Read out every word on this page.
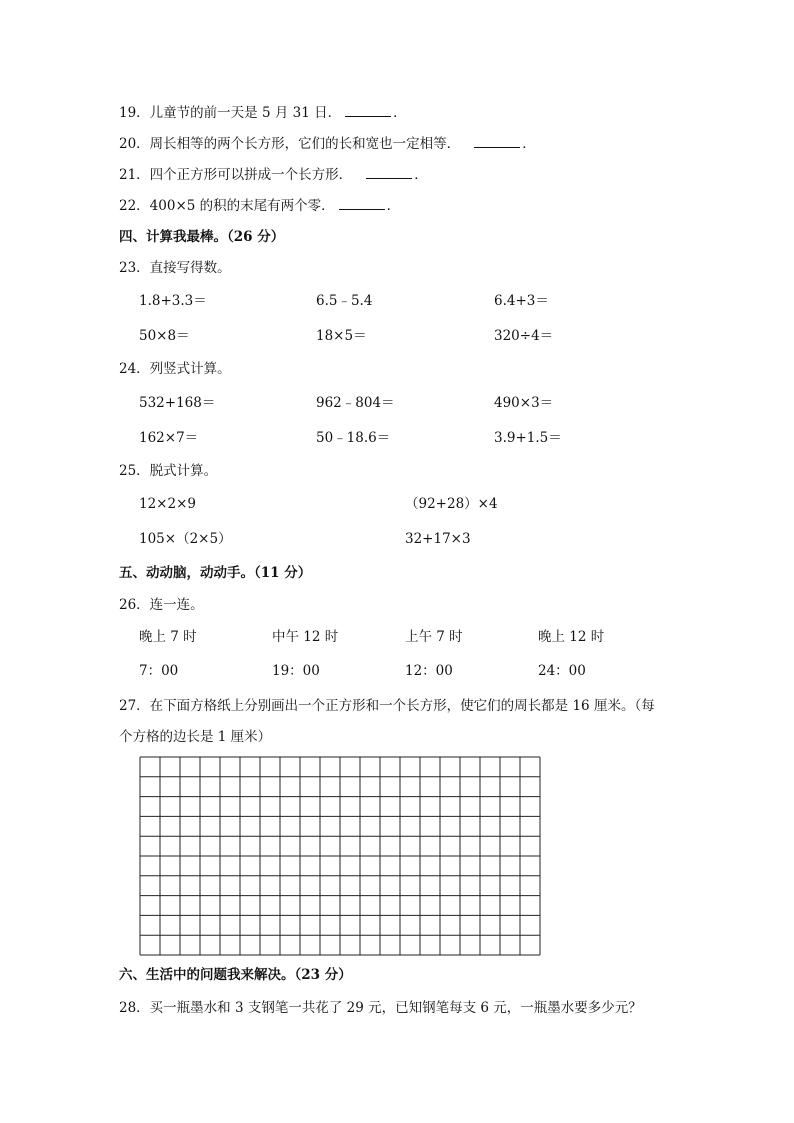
19．儿童节的前一天是 5 月 31 日．	．
20．周长相等的两个长方形，它们的长和宽也一定相等．	．
21．四个正方形可以拼成一个长方形．	．
22．400×5 的积的末尾有两个零．	．
四、计算我最棒。（26 分）
23．直接写得数。
1.8+3.3＝	6.5﹣5.4	6.4+3＝
50×8＝	18×5＝	320÷4＝
24．列竖式计算。
532+168＝	962﹣804＝	490×3＝
162×7＝	50﹣18.6＝	3.9+1.5＝
25．脱式计算。
12×2×9	（92+28）×4
105×（2×5）	32+17×3
五、动动脑，动动手。（11 分）
26．连一连。
晚上 7 时	中午 12 时	上午 7 时	晚上 12 时
7：00	19：00	12：00	24：00
27．在下面方格纸上分别画出一个正方形和一个长方形，使它们的周长都是 16 厘米。（每
个方格的边长是 1 厘米）
六、生活中的问题我来解决。（23 分）
28．买一瓶墨水和 3 支钢笔一共花了 29 元，已知钢笔每支 6 元，一瓶墨水要多少元？
